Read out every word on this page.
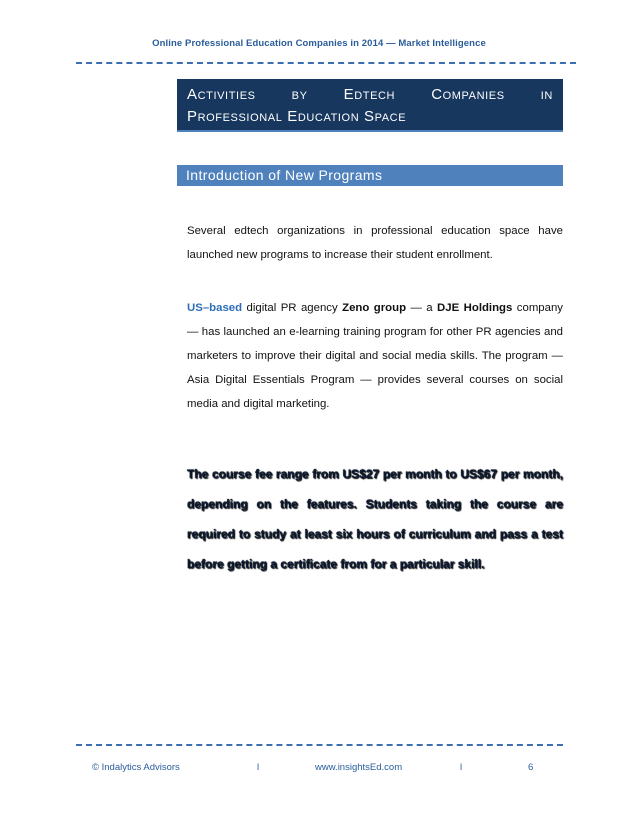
Online Professional Education Companies in 2014 — Market Intelligence
Activities by Edtech Companies in
Professional Education Space
Introduction of New Programs

Several edtech organizations in professional education space have launched new programs to increase their student enrollment.

US–based digital PR agency Zeno group — a DJE Holdings company — has launched an e-learning training program for other PR agencies and marketers to improve their digital and social media skills. The program — Asia Digital Essentials Program — provides several courses on social media and digital marketing.

The course fee range from US$27 per month to US$67 per month, depending on the features. Students taking the course are required to study at least six hours of curriculum and pass a test before getting a certificate from for a particular skill.

© Indalytics Advisors	l	www.insightsEd.com	l	6
